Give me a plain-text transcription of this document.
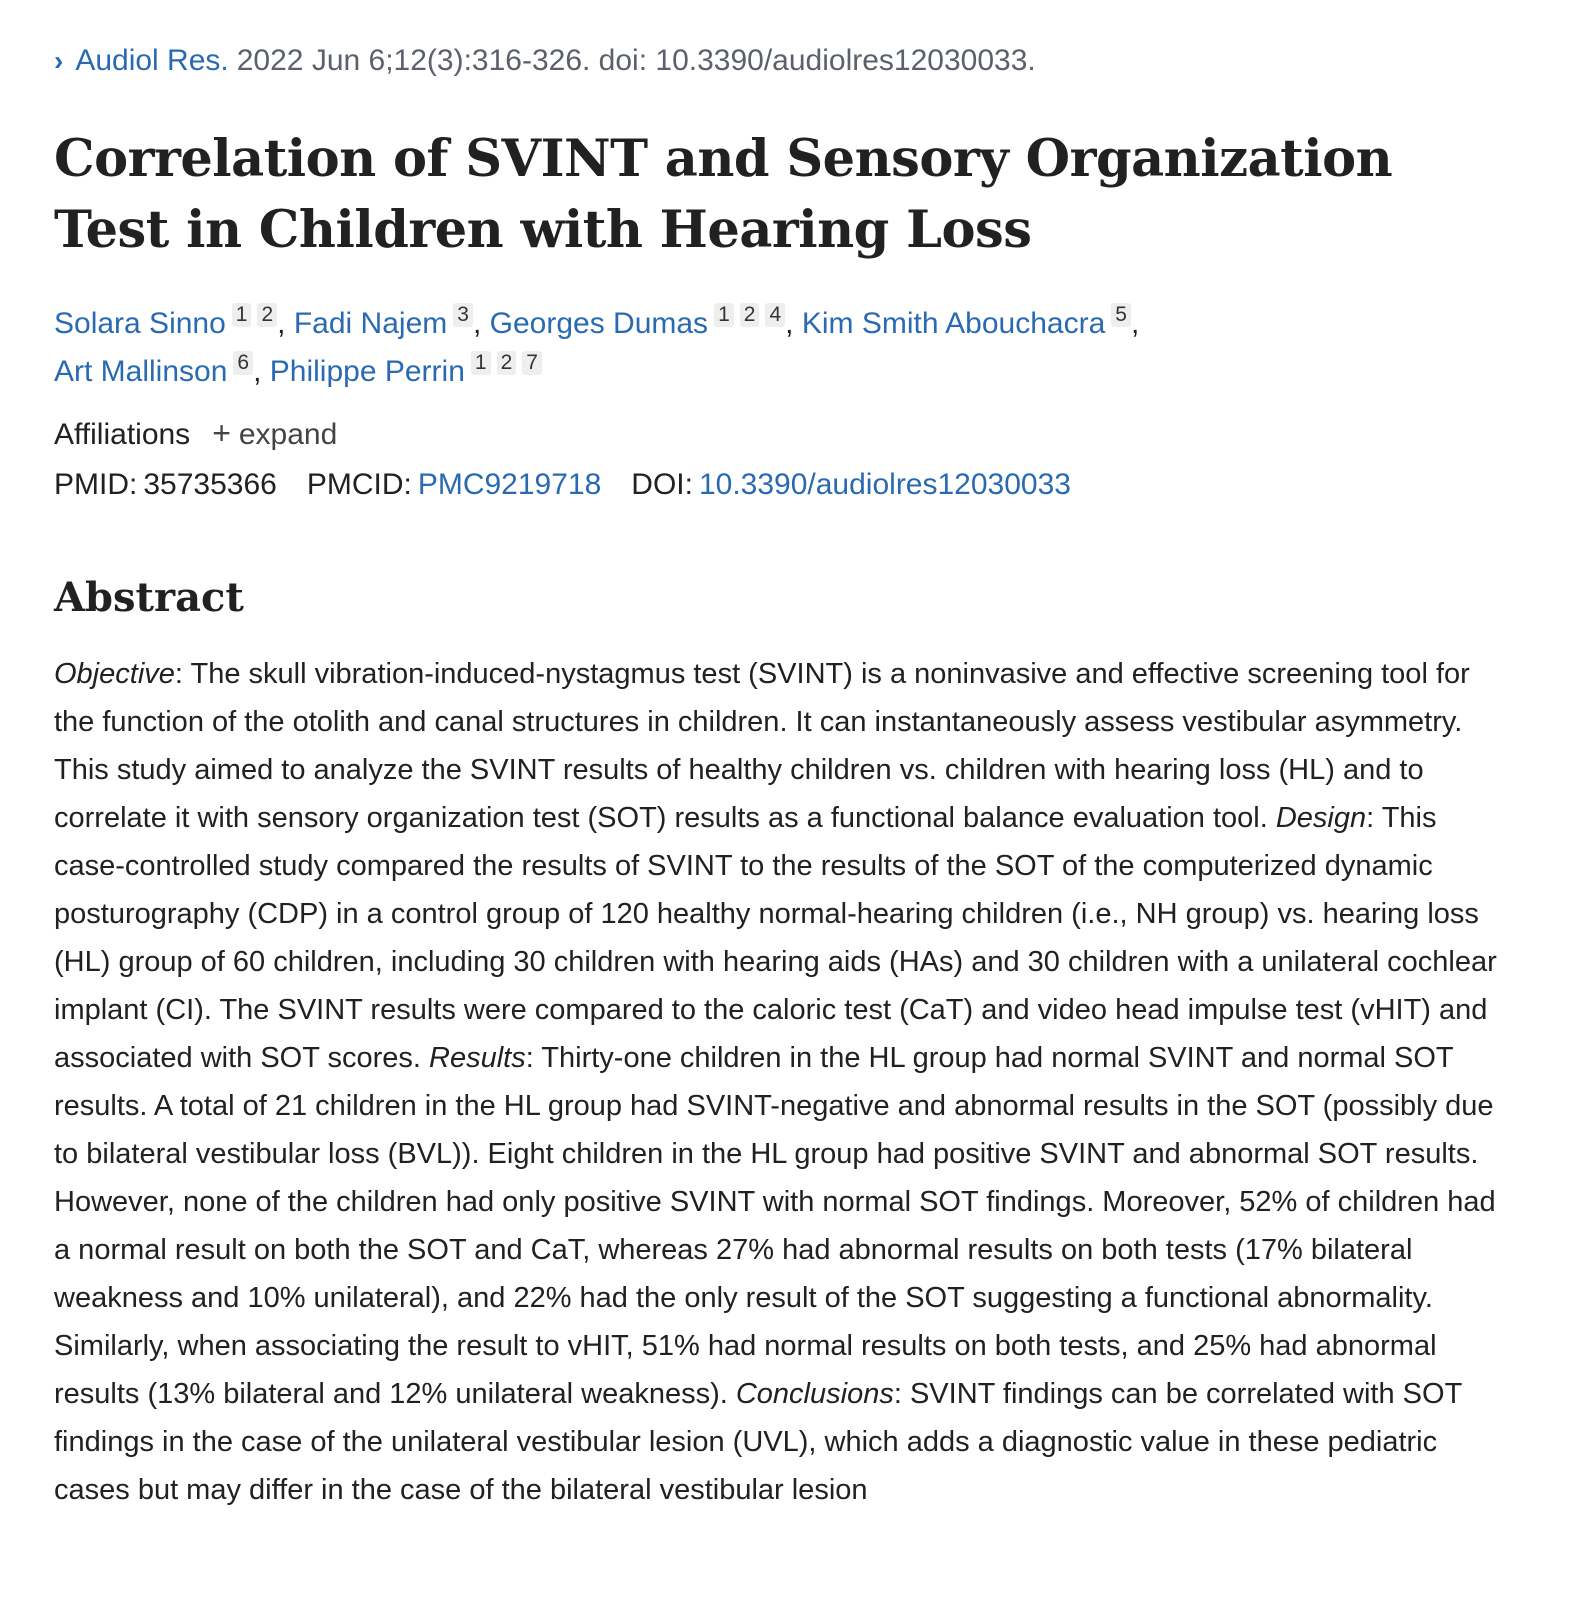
› Audiol Res. 2022 Jun 6;12(3):316-326. doi: 10.3390/audiolres12030033.
Correlation of SVINT and Sensory Organization Test in Children with Hearing Loss
Solara Sinno 1 2 , Fadi Najem 3 , Georges Dumas 1 2 4 , Kim Smith Abouchacra 5 ,
Art Mallinson 6 , Philippe Perrin 1 2 7
Affiliations + expand
PMID: 35735366 PMCID: PMC9219718 DOI: 10.3390/audiolres12030033
Abstract
Objective: The skull vibration-induced-nystagmus test (SVINT) is a noninvasive and effective screening tool for the function of the otolith and canal structures in children. It can instantaneously assess vestibular asymmetry. This study aimed to analyze the SVINT results of healthy children vs. children with hearing loss (HL) and to correlate it with sensory organization test (SOT) results as a functional balance evaluation tool. Design: This case-controlled study compared the results of SVINT to the results of the SOT of the computerized dynamic posturography (CDP) in a control group of 120 healthy normal-hearing children (i.e., NH group) vs. hearing loss (HL) group of 60 children, including 30 children with hearing aids (HAs) and 30 children with a unilateral cochlear implant (CI). The SVINT results were compared to the caloric test (CaT) and video head impulse test (vHIT) and associated with SOT scores. Results: Thirty-one children in the HL group had normal SVINT and normal SOT results. A total of 21 children in the HL group had SVINT-negative and abnormal results in the SOT (possibly due to bilateral vestibular loss (BVL)). Eight children in the HL group had positive SVINT and abnormal SOT results. However, none of the children had only positive SVINT with normal SOT findings. Moreover, 52% of children had a normal result on both the SOT and CaT, whereas 27% had abnormal results on both tests (17% bilateral weakness and 10% unilateral), and 22% had the only result of the SOT suggesting a functional abnormality. Similarly, when associating the result to vHIT, 51% had normal results on both tests, and 25% had abnormal results (13% bilateral and 12% unilateral weakness). Conclusions: SVINT findings can be correlated with SOT findings in the case of the unilateral vestibular lesion (UVL), which adds a diagnostic value in these pediatric cases but may differ in the case of the bilateral vestibular lesion
